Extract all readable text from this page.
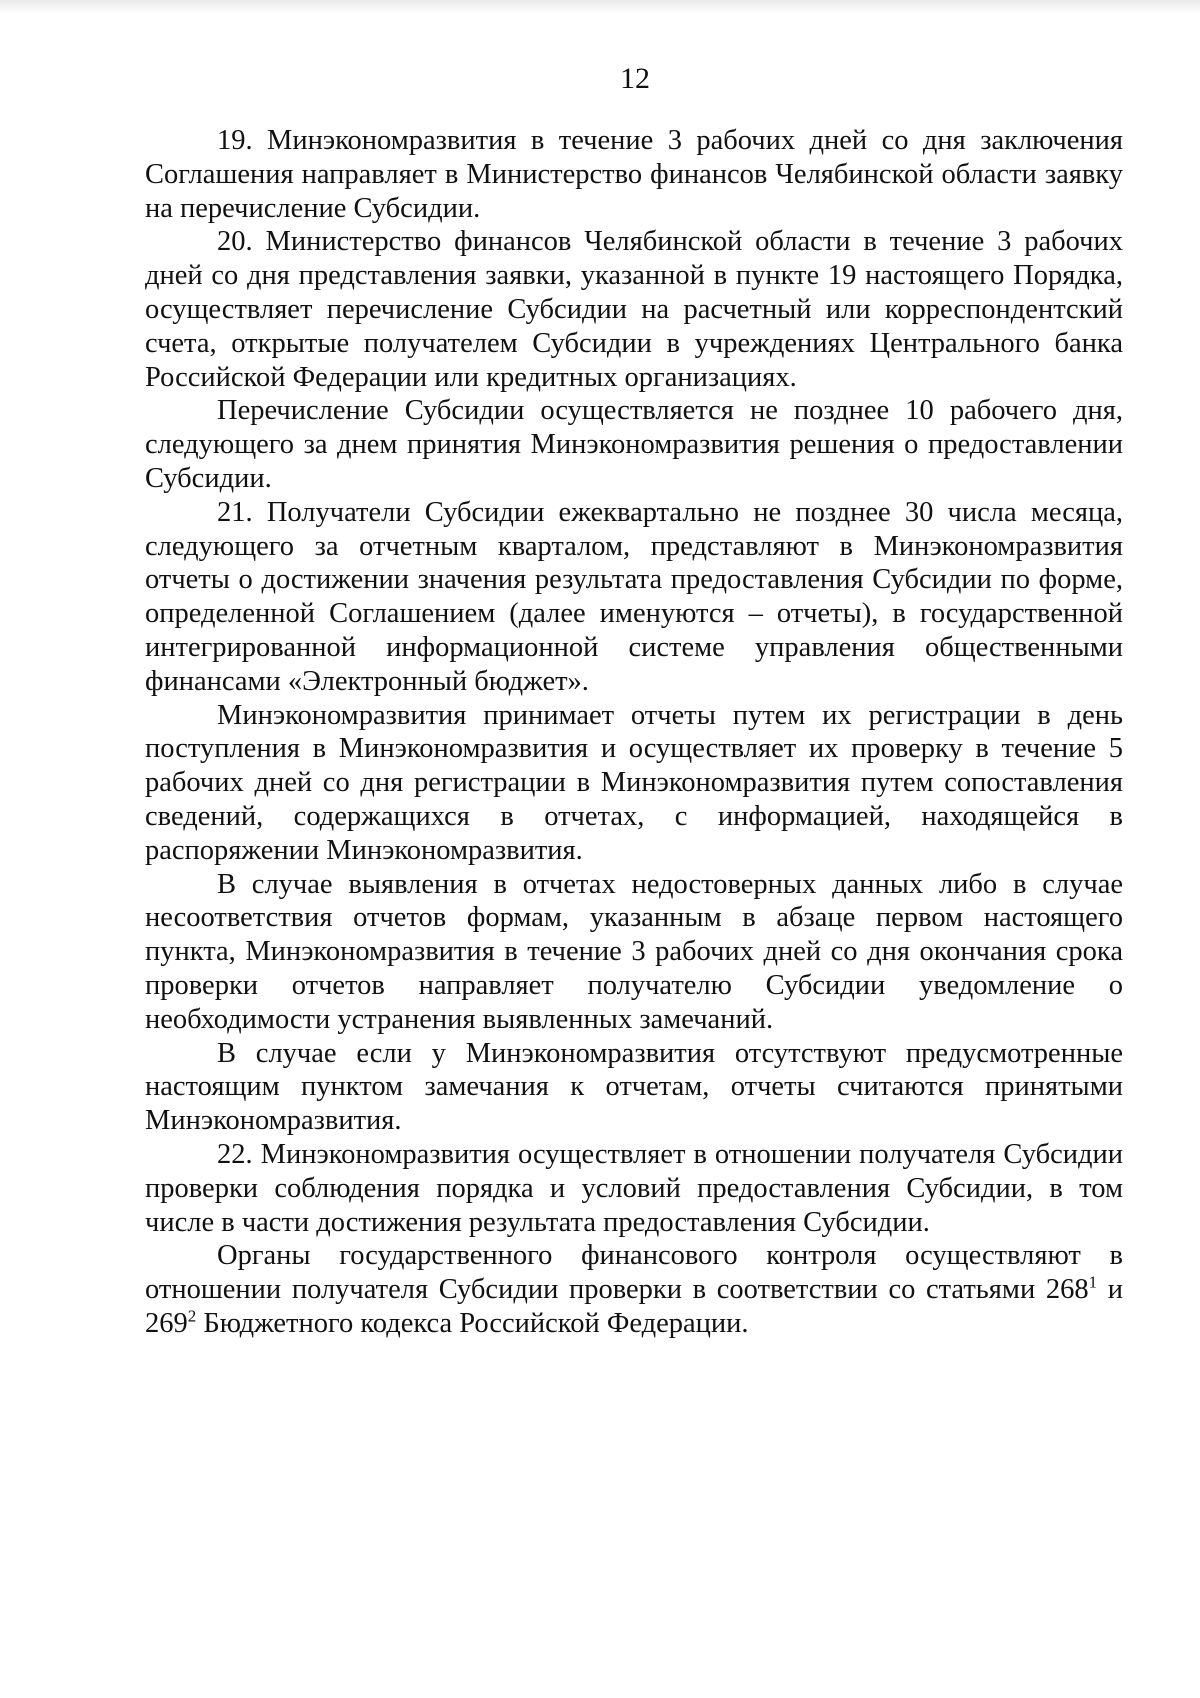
12

19. Минэкономразвития в течение 3 рабочих дней со дня заключения Соглашения направляет в Министерство финансов Челябинской области заявку на перечисление Субсидии.

20. Министерство финансов Челябинской области в течение 3 рабочих дней со дня представления заявки, указанной в пункте 19 настоящего Порядка, осуществляет перечисление Субсидии на расчетный или корреспондентский счета, открытые получателем Субсидии в учреждениях Центрального банка Российской Федерации или кредитных организациях.

Перечисление Субсидии осуществляется не позднее 10 рабочего дня, следующего за днем принятия Минэкономразвития решения о предоставлении Субсидии.

21. Получатели Субсидии ежеквартально не позднее 30 числа месяца, следующего за отчетным кварталом, представляют в Минэкономразвития отчеты о достижении значения результата предоставления Субсидии по форме, определенной Соглашением (далее именуются – отчеты), в государственной интегрированной информационной системе управления общественными финансами «Электронный бюджет».

Минэкономразвития принимает отчеты путем их регистрации в день поступления в Минэкономразвития и осуществляет их проверку в течение 5 рабочих дней со дня регистрации в Минэкономразвития путем сопоставления сведений, содержащихся в отчетах, с информацией, находящейся в распоряжении Минэкономразвития.

В случае выявления в отчетах недостоверных данных либо в случае несоответствия отчетов формам, указанным в абзаце первом настоящего пункта, Минэкономразвития в течение 3 рабочих дней со дня окончания срока проверки отчетов направляет получателю Субсидии уведомление о необходимости устранения выявленных замечаний.

В случае если у Минэкономразвития отсутствуют предусмотренные настоящим пунктом замечания к отчетам, отчеты считаются принятыми Минэкономразвития.

22. Минэкономразвития осуществляет в отношении получателя Субсидии проверки соблюдения порядка и условий предоставления Субсидии, в том числе в части достижения результата предоставления Субсидии.

Органы государственного финансового контроля осуществляют в отношении получателя Субсидии проверки в соответствии со статьями $268^1$ и $269^2$ Бюджетного кодекса Российской Федерации.
